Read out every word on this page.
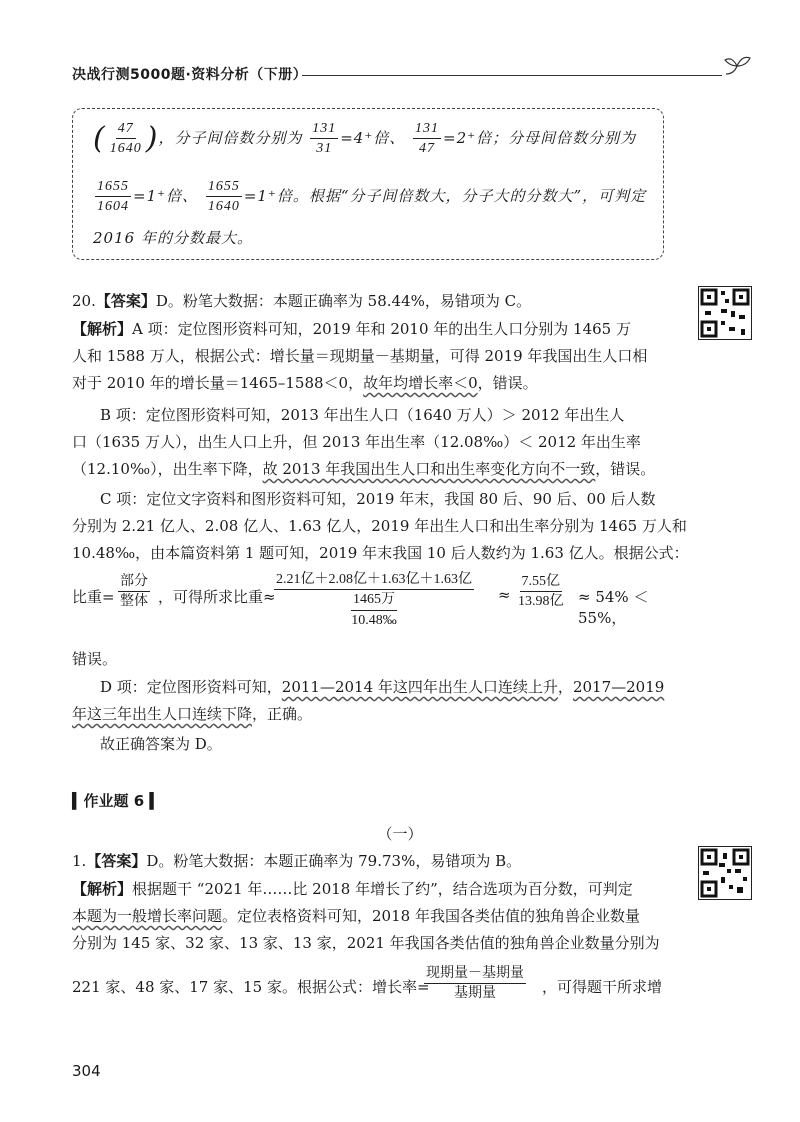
决战行测5000题·资料分析（下册）
( $\frac{47}{1640}$ )，分子间倍数分别为 $\frac{131}{31} =4^+$倍、 $\frac{131}{47} =2^+$倍；分母间倍数分别为
$\frac{1655}{1604} =1^+$倍、 $\frac{1655}{1640} =1^+$倍。根据“分子间倍数大，分子大的分数大”，可判定
2016 年的分数最大。
20.【答案】D。粉笔大数据：本题正确率为 58.44%，易错项为 C。
【解析】A 项：定位图形资料可知，2019 年和 2010 年的出生人口分别为 1465 万
人和 1588 万人，根据公式：增长量＝现期量－基期量，可得 2019 年我国出生人口相
对于 2010 年的增长量＝1465–1588＜0，故年均增长率＜0，错误。
B 项：定位图形资料可知，2013 年出生人口（1640 万人）＞ 2012 年出生人
口（1635 万人），出生人口上升，但 2013 年出生率（12.08‰）＜ 2012 年出生率
（12.10‰），出生率下降，故 2013 年我国出生人口和出生率变化方向不一致，错误。
C 项：定位文字资料和图形资料可知，2019 年末，我国 80 后、90 后、00 后人数
分别为 2.21 亿人、2.08 亿人、1.63 亿人，2019 年出生人口和出生率分别为 1465 万人和
10.48‰，由本篇资料第 1 题可知，2019 年末我国 10 后人数约为 1.63 亿人。根据公式：
比重=
部分
整体 ，可得所求比重≈
2.21亿＋2.08亿＋1.63亿＋1.63亿
$\frac{\text{1465万}}{10.48‰}$	≈
7.55亿
13.98亿 ≈ 54% ＜ 55%，
错误。
D 项：定位图形资料可知，2011—2014 年这四年出生人口连续上升，2017—2019
年这三年出生人口连续下降，正确。
故正确答案为 D。
▍作业题 6 ▍
（一）
1.【答案】D。粉笔大数据：本题正确率为 79.73%，易错项为 B。
【解析】根据题干 “2021 年……比 2018 年增长了约”，结合选项为百分数，可判定
本题为一般增长率问题。定位表格资料可知，2018 年我国各类估值的独角兽企业数量
分别为 145 家、32 家、13 家、13 家，2021 年我国各类估值的独角兽企业数量分别为
221 家、48 家、17 家、15 家。根据公式：增长率=
现期量－基期量
基期量	，可得题干所求增
304
